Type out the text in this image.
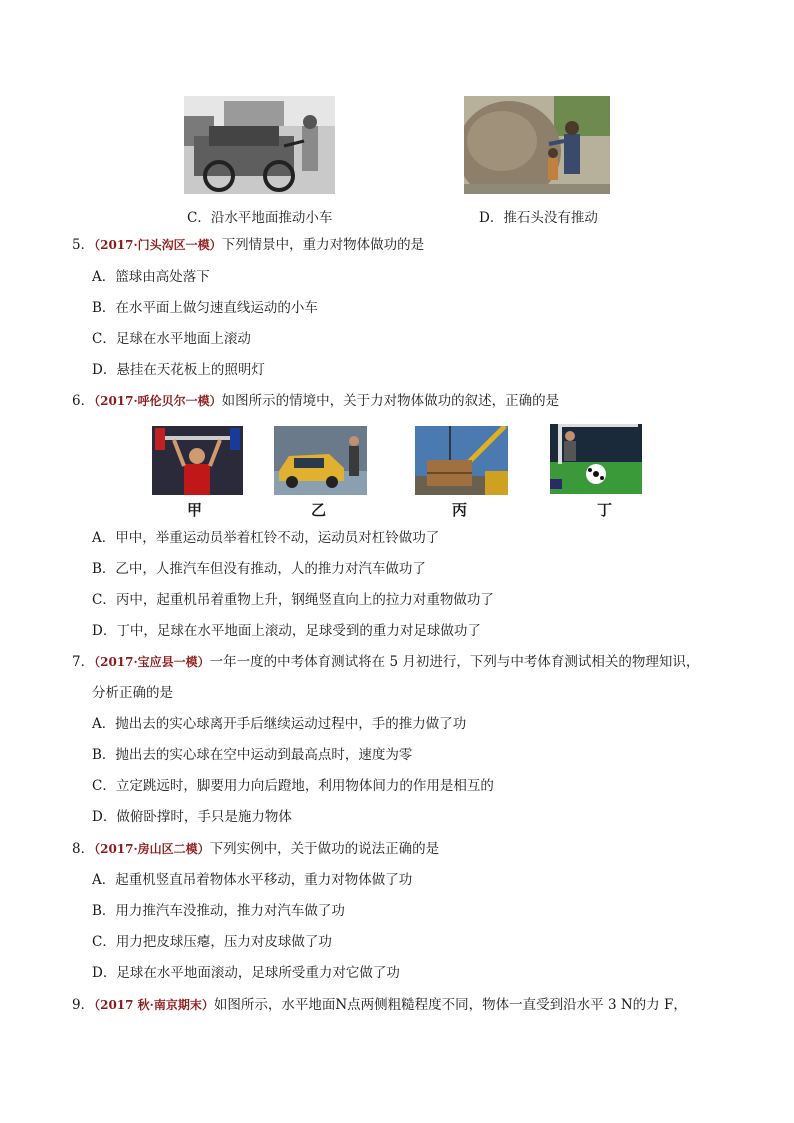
C．沿水平地面推动小车	D．推石头没有推动
5．（2017·门头沟区一模）下列情景中，重力对物体做功的是
A．篮球由高处落下
B．在水平面上做匀速直线运动的小车
C．足球在水平地面上滚动
D．悬挂在天花板上的照明灯
6．（2017·呼伦贝尔一模）如图所示的情境中，关于力对物体做功的叙述，正确的是
甲	乙	丙	丁
A．甲中，举重运动员举着杠铃不动，运动员对杠铃做功了
B．乙中，人推汽车但没有推动，人的推力对汽车做功了
C．丙中，起重机吊着重物上升，钢绳竖直向上的拉力对重物做功了
D．丁中，足球在水平地面上滚动，足球受到的重力对足球做功了
7．（2017·宝应县一模）一年一度的中考体育测试将在 5 月初进行，下列与中考体育测试相关的物理知识，
分析正确的是
A．抛出去的实心球离开手后继续运动过程中，手的推力做了功
B．抛出去的实心球在空中运动到最高点时，速度为零
C．立定跳远时，脚要用力向后蹬地，利用物体间力的作用是相互的
D．做俯卧撑时，手只是施力物体
8．（2017·房山区二模）下列实例中，关于做功的说法正确的是
A．起重机竖直吊着物体水平移动，重力对物体做了功
B．用力推汽车没推动，推力对汽车做了功
C．用力把皮球压瘪，压力对皮球做了功
D．足球在水平地面滚动，足球所受重力对它做了功
9．（2017 秋·南京期末）如图所示，水平地面N点两侧粗糙程度不同，物体一直受到沿水平 3 N的力 F，
